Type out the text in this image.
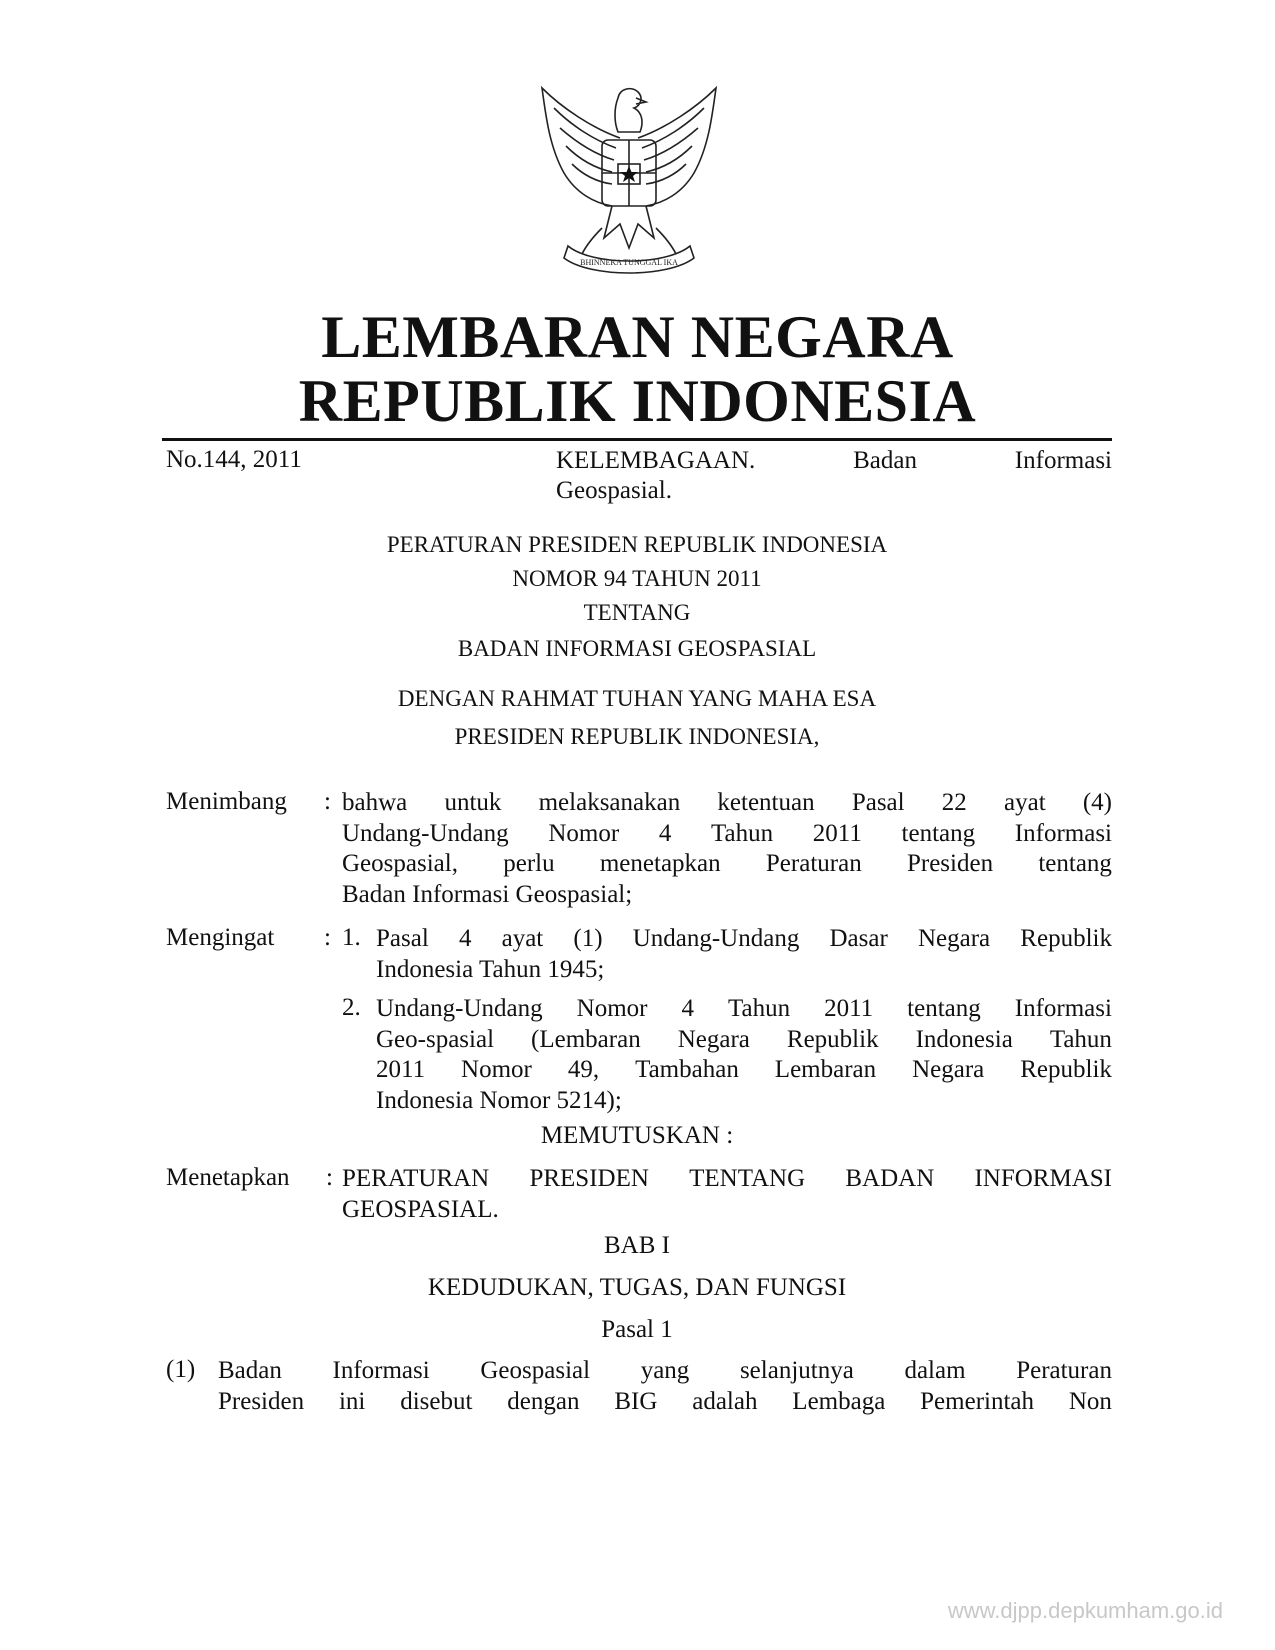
BHINNEKA TUNGGAL IKA
LEMBARAN NEGARA
REPUBLIK INDONESIA
No.144, 2011	KELEMBAGAAN.	Badan	Informasi
Geospasial.
PERATURAN PRESIDEN REPUBLIK INDONESIA
NOMOR 94 TAHUN 2011
TENTANG
BADAN INFORMASI GEOSPASIAL
DENGAN RAHMAT TUHAN YANG MAHA ESA
PRESIDEN REPUBLIK INDONESIA,
Menimbang : bahwa untuk melaksanakan ketentuan Pasal 22 ayat (4)
Undang-Undang Nomor 4 Tahun 2011 tentang Informasi
Geospasial, perlu menetapkan Peraturan Presiden tentang
Badan Informasi Geospasial;
Mengingat : 1. Pasal 4 ayat (1) Undang-Undang Dasar Negara Republik
Indonesia Tahun 1945;
2. Undang-Undang Nomor 4 Tahun 2011 tentang Informasi
Geo-spasial (Lembaran Negara Republik Indonesia Tahun
2011 Nomor 49, Tambahan Lembaran Negara Republik
Indonesia Nomor 5214);
MEMUTUSKAN :
Menetapkan : PERATURAN PRESIDEN TENTANG BADAN INFORMASI
GEOSPASIAL.
BAB I
KEDUDUKAN, TUGAS, DAN FUNGSI
Pasal 1
(1) Badan Informasi Geospasial yang selanjutnya dalam Peraturan
Presiden ini disebut dengan BIG adalah Lembaga Pemerintah Non
www.djpp.depkumham.go.id
